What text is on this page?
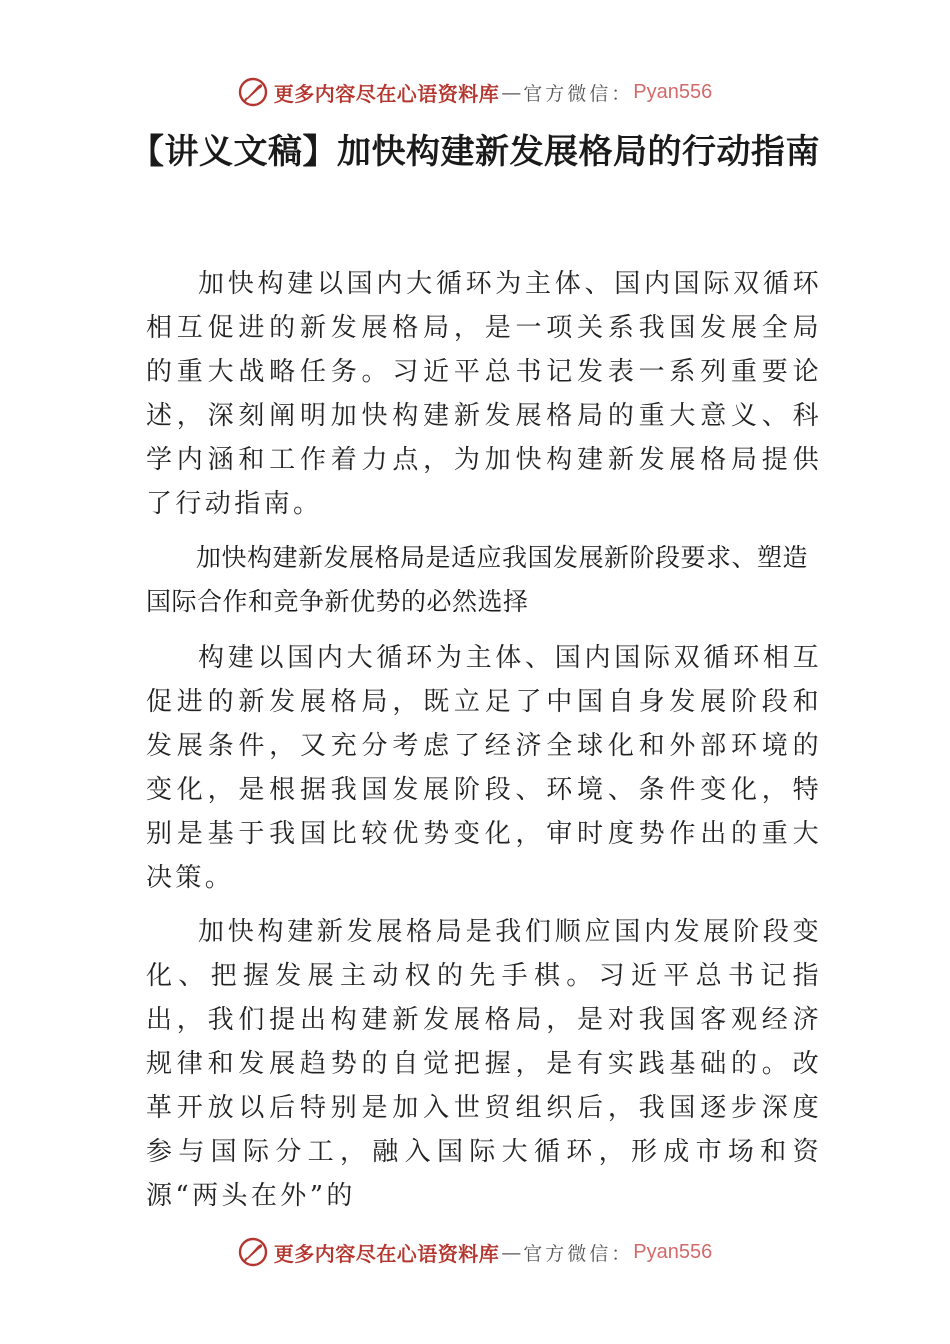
更多内容尽在心语资料库 — 官方微信： Pyan556
【讲义文稿】加快构建新发展格局的行动指南

加快构建以国内大循环为主体、国内国际双循环相互促进的新发展格局，是一项关系我国发展全局的重大战略任务。习近平总书记发表一系列重要论述，深刻阐明加快构建新发展格局的重大意义、科学内涵和工作着力点，为加快构建新发展格局提供了行动指南。

加快构建新发展格局是适应我国发展新阶段要求、塑造国际合作和竞争新优势的必然选择

构建以国内大循环为主体、国内国际双循环相互促进的新发展格局，既立足了中国自身发展阶段和发展条件，又充分考虑了经济全球化和外部环境的变化，是根据我国发展阶段、环境、条件变化，特别是基于我国比较优势变化，审时度势作出的重大决策。

加快构建新发展格局是我们顺应国内发展阶段变化、把握发展主动权的先手棋。习近平总书记指出，我们提出构建新发展格局，是对我国客观经济规律和发展趋势的自觉把握，是有实践基础的。改革开放以后特别是加入世贸组织后，我国逐步深度参与国际分工，融入国际大循环，形成市场和资源“两头在外”的

更多内容尽在心语资料库 — 官方微信： Pyan556
